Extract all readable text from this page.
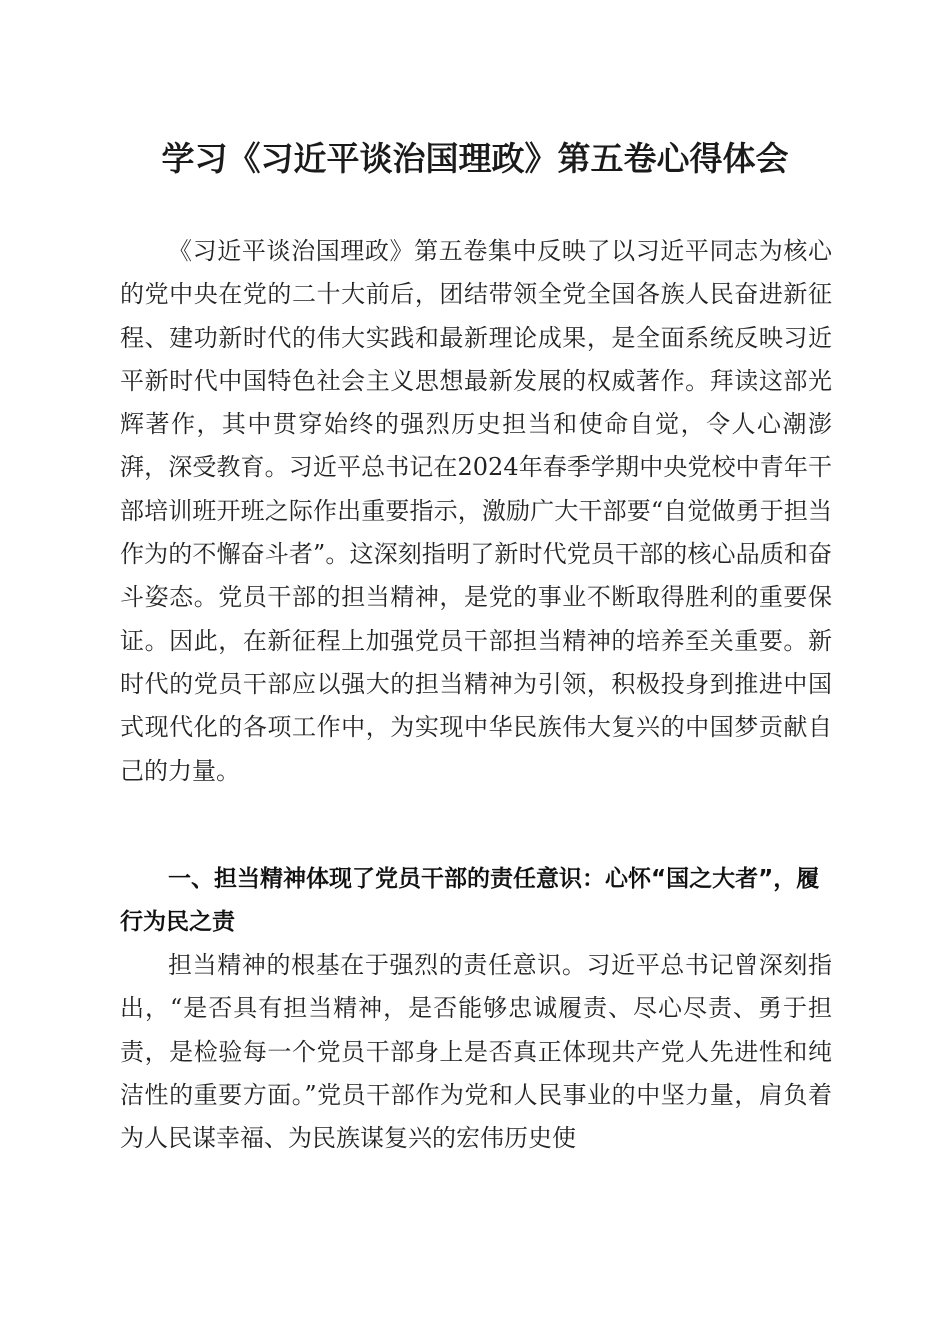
学习《习近平谈治国理政》第五卷心得体会

《习近平谈治国理政》第五卷集中反映了以习近平同志为核心的党中央在党的二十大前后，团结带领全党全国各族人民奋进新征程、建功新时代的伟大实践和最新理论成果，是全面系统反映习近平新时代中国特色社会主义思想最新发展的权威著作。拜读这部光辉著作，其中贯穿始终的强烈历史担当和使命自觉，令人心潮澎湃，深受教育。习近平总书记在2024年春季学期中央党校中青年干部培训班开班之际作出重要指示，激励广大干部要“自觉做勇于担当作为的不懈奋斗者”。这深刻指明了新时代党员干部的核心品质和奋斗姿态。党员干部的担当精神，是党的事业不断取得胜利的重要保证。因此，在新征程上加强党员干部担当精神的培养至关重要。新时代的党员干部应以强大的担当精神为引领，积极投身到推进中国式现代化的各项工作中，为实现中华民族伟大复兴的中国梦贡献自己的力量。

一、担当精神体现了党员干部的责任意识：心怀“国之大者”，履行为民之责

担当精神的根基在于强烈的责任意识。习近平总书记曾深刻指出，“是否具有担当精神，是否能够忠诚履责、尽心尽责、勇于担责，是检验每一个党员干部身上是否真正体现共产党人先进性和纯洁性的重要方面。”党员干部作为党和人民事业的中坚力量，肩负着为人民谋幸福、为民族谋复兴的宏伟历史使
